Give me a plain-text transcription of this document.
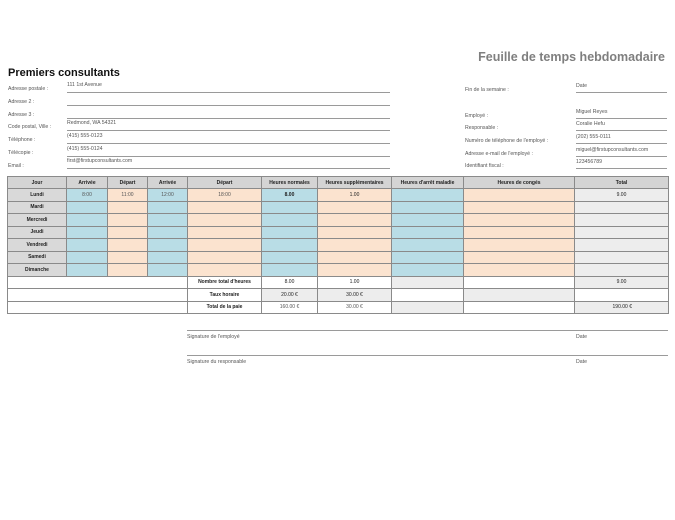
Feuille de temps hebdomadaire
Premiers consultants
Adresse postale :
111 1st Avenue
Adresse 2 :
Adresse 3 :
Code postal, Ville :
Redmond, WA 54321
Téléphone :
(415) 555-0123
Télécopie :
(415) 555-0124
Email :
first@firstupconsultants.com
Fin de la semaine :
Date
Employé :
Miguel Reyes
Responsable :
Coralie Hefu
Numéro de téléphone de l'employé :
(202) 555-0111
Adresse e-mail de l'employé :
miguel@firstupconsultants.com
Identifiant fiscal :
123456789
Jour	Arrivée	Départ	Arrivée	Départ	Heures normales	Heures supplémentaires	Heures d'arrêt maladie	Heures de congés	Total
Lundi	8:00	11:00	12:00	18:00	8.00	1.00			9.00
Mardi									
Mercredi									
Jeudi									
Vendredi									
Samedi									
Dimanche									
				Nombre total d'heures	8.00	1.00			9.00
				Taux horaire	20.00 €	30.00 €			
				Total de la paie	160.00 €	30.00 €			190.00 €
Signature de l'employé	Date
Signature du responsable	Date
